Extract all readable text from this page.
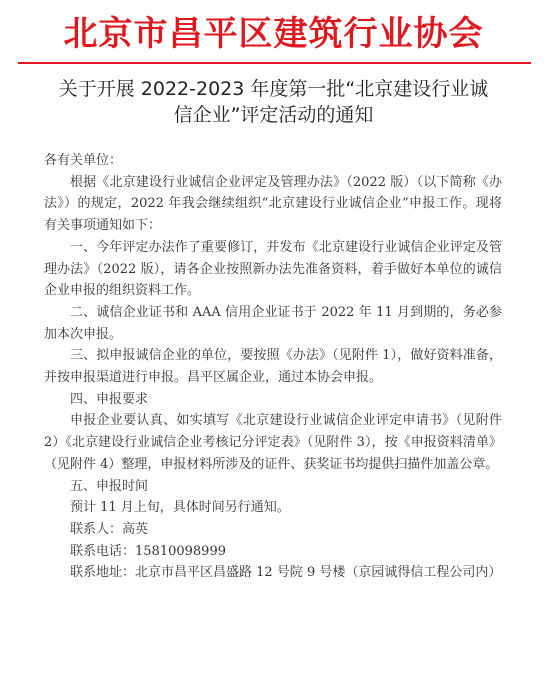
北京市昌平区建筑行业协会
关于开展 2022-2023 年度第一批“北京建设行业诚
信企业”评定活动的通知

各有关单位：

根据《北京建设行业诚信企业评定及管理办法》（2022 版）（以下简称《办法》）的规定，2022 年我会继续组织“北京建设行业诚信企业”申报工作。现将有关事项通知如下：

一、今年评定办法作了重要修订，并发布《北京建设行业诚信企业评定及管理办法》（2022 版），请各企业按照新办法先准备资料，着手做好本单位的诚信企业申报的组织资料工作。

二、诚信企业证书和 AAA 信用企业证书于 2022 年 11 月到期的，务必参加本次申报。

三、拟申报诚信企业的单位，要按照《办法》（见附件 1），做好资料准备，并按申报渠道进行申报。昌平区属企业，通过本协会申报。

四、申报要求

申报企业要认真、如实填写《北京建设行业诚信企业评定申请书》（见附件 2）《北京建设行业诚信企业考核记分评定表》（见附件 3），按《申报资料清单》（见附件 4）整理，申报材料所涉及的证件、获奖证书均提供扫描件加盖公章。

五、申报时间

预计 11 月上旬，具体时间另行通知。

联系人：高英

联系电话：15810098999

联系地址：北京市昌平区昌盛路 12 号院 9 号楼（京园诚得信工程公司内）
